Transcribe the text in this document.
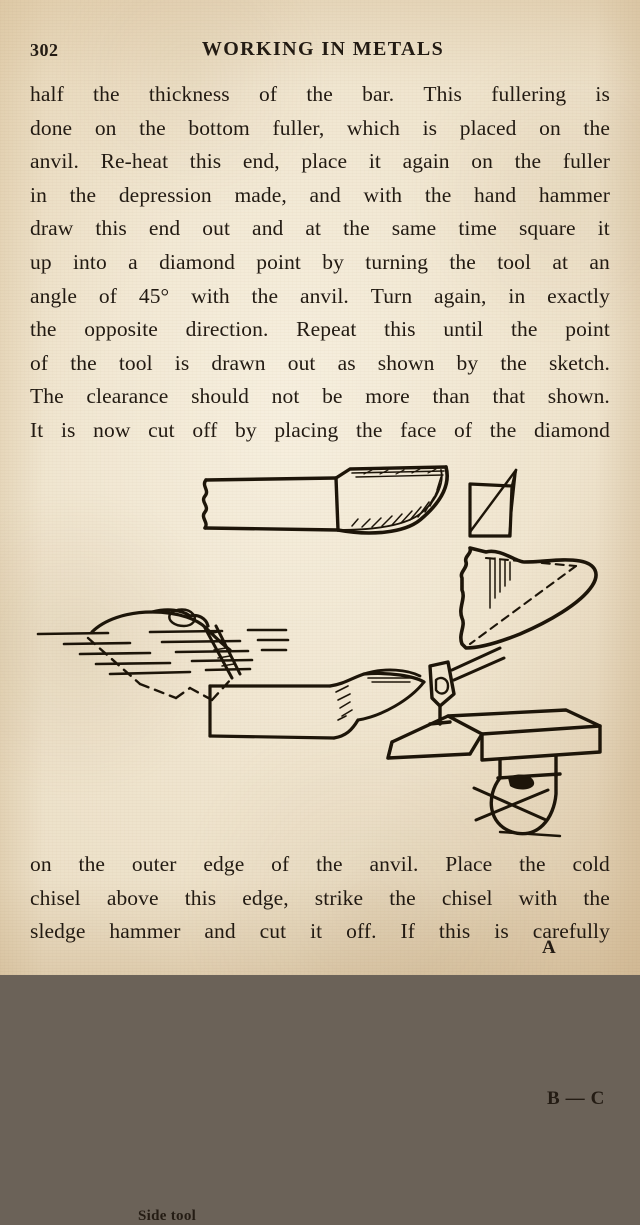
302	WORKING IN METALS
half the thickness of the bar. This fullering is
done on the bottom fuller, which is placed on the
anvil. Re-heat this end, place it again on the fuller
in the depression made, and with the hand hammer
draw this end out and at the same time square it
up into a diamond point by turning the tool at an
angle of 45° with the anvil. Turn again, in exactly
the opposite direction. Repeat this until the point
of the tool is drawn out as shown by the sketch.
The clearance should not be more than that shown.
It is now cut off by placing the face of the diamond
A
B — C
Side tool
on the outer edge of the anvil. Place the cold
chisel above this edge, strike the chisel with the
sledge hammer and cut it off. If this is carefully
